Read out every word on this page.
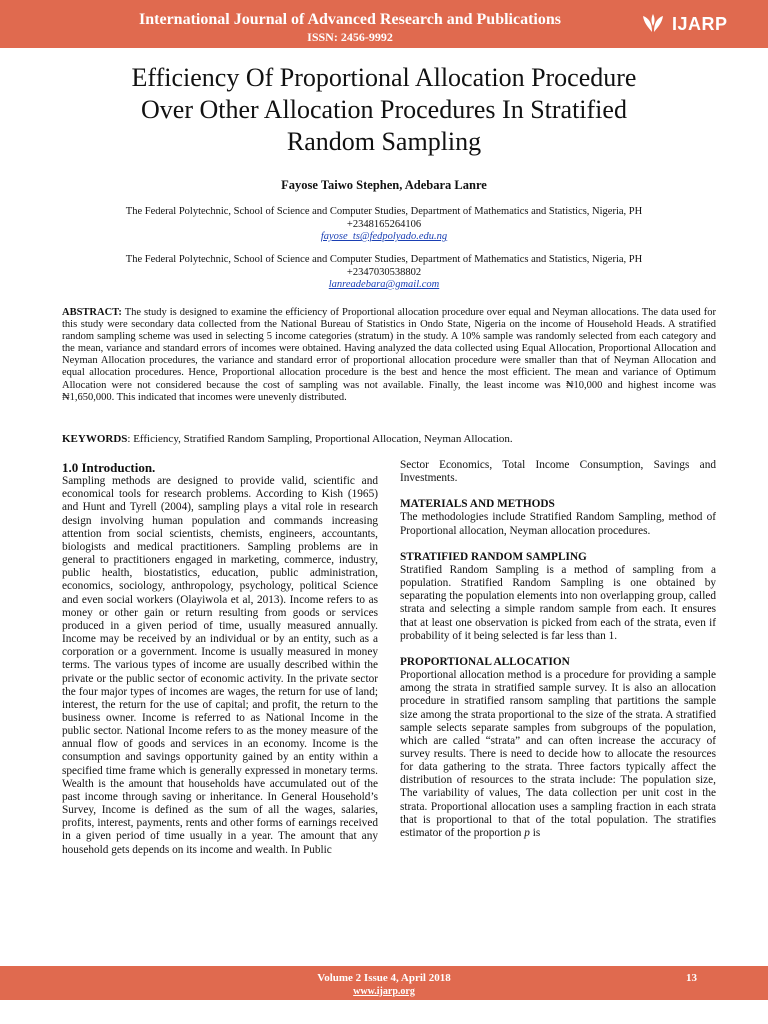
International Journal of Advanced Research and Publications
ISSN: 2456-9992
IJARP
Efficiency Of Proportional Allocation Procedure
Over Other Allocation Procedures In Stratified
Random Sampling
Fayose Taiwo Stephen, Adebara Lanre
The Federal Polytechnic, School of Science and Computer Studies, Department of Mathematics and Statistics, Nigeria, PH
+2348165264106
fayose_ts@fedpolyado.edu.ng
The Federal Polytechnic, School of Science and Computer Studies, Department of Mathematics and Statistics, Nigeria, PH
+2347030538802
lanreadebara@gmail.com
ABSTRACT: The study is designed to examine the efficiency of Proportional allocation procedure over equal and Neyman allocations. The data used for this study were secondary data collected from the National Bureau of Statistics in Ondo State, Nigeria on the income of Household Heads. A stratified random sampling scheme was used in selecting 5 income categories (stratum) in the study. A 10% sample was randomly selected from each category and the mean, variance and standard errors of incomes were obtained. Having analyzed the data collected using Equal Allocation, Proportional Allocation and Neyman Allocation procedures, the variance and standard error of proportional allocation procedure were smaller than that of Neyman Allocation and equal allocation procedures. Hence, Proportional allocation procedure is the best and hence the most efficient. The mean and variance of Optimum Allocation were not considered because the cost of sampling was not available. Finally, the least income was ₦10,000 and highest income was ₦1,650,000. This indicated that incomes were unevenly distributed.
KEYWORDS: Efficiency, Stratified Random Sampling, Proportional Allocation, Neyman Allocation.
1.0 Introduction.

Sampling methods are designed to provide valid, scientific and economical tools for research problems. According to Kish (1965) and Hunt and Tyrell (2004), sampling plays a vital role in research design involving human population and commands increasing attention from social scientists, chemists, engineers, accountants, biologists and medical practitioners. Sampling problems are in general to practitioners engaged in marketing, commerce, industry, public health, biostatistics, education, public administration, economics, sociology, anthropology, psychology, political Science and even social workers (Olayiwola et al, 2013). Income refers to as money or other gain or return resulting from goods or services produced in a given period of time, usually measured annually. Income may be received by an individual or by an entity, such as a corporation or a government. Income is usually measured in money terms. The various types of income are usually described within the private or the public sector of economic activity. In the private sector the four major types of incomes are wages, the return for use of land; interest, the return for the use of capital; and profit, the return to the business owner. Income is referred to as National Income in the public sector. National Income refers to as the money measure of the annual flow of goods and services in an economy. Income is the consumption and savings opportunity gained by an entity within a specified time frame which is generally expressed in monetary terms. Wealth is the amount that households have accumulated out of the past income through saving or inheritance. In General Household’s Survey, Income is defined as the sum of all the wages, salaries, profits, interest, payments, rents and other forms of earnings received in a given period of time usually in a year. The amount that any household gets depends on its income and wealth. In Public

Sector Economics, Total Income Consumption, Savings and Investments.

MATERIALS AND METHODS

The methodologies include Stratified Random Sampling, method of Proportional allocation, Neyman allocation procedures.

STRATIFIED RANDOM SAMPLING

Stratified Random Sampling is a method of sampling from a population. Stratified Random Sampling is one obtained by separating the population elements into non overlapping group, called strata and selecting a simple random sample from each. It ensures that at least one observation is picked from each of the strata, even if probability of it being selected is far less than 1.

PROPORTIONAL ALLOCATION

Proportional allocation method is a procedure for providing a sample among the strata in stratified sample survey. It is also an allocation procedure in stratified ransom sampling that partitions the sample size among the strata proportional to the size of the strata. A stratified sample selects separate samples from subgroups of the population, which are called “strata” and can often increase the accuracy of survey results. There is need to decide how to allocate the resources for data gathering to the strata. Three factors typically affect the distribution of resources to the strata include: The population size, The variability of values, The data collection per unit cost in the strata. Proportional allocation uses a sampling fraction in each strata that is proportional to that of the total population. The stratifies estimator of the proportion p is

Volume 2 Issue 4, April 2018
www.ijarp.org
13
